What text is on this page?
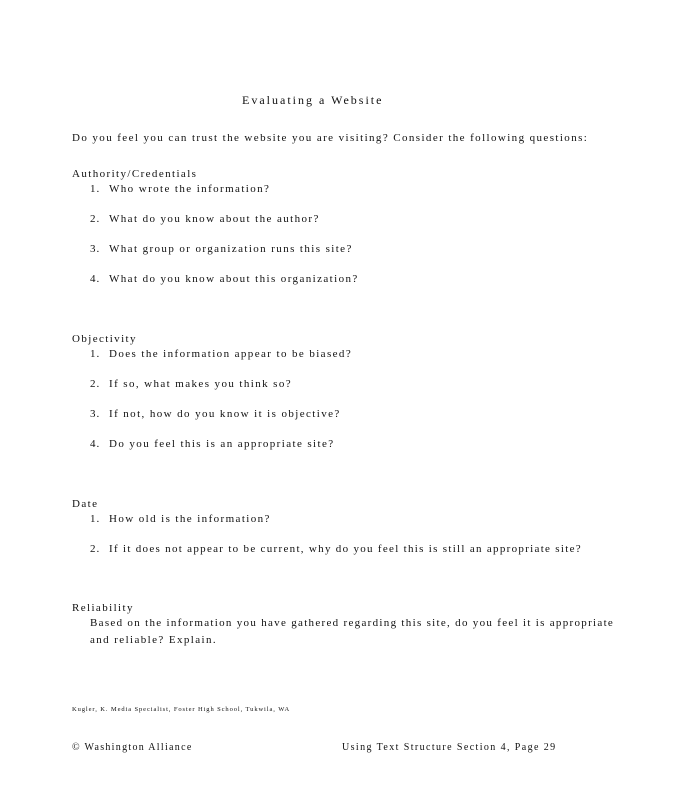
Evaluating a Website
Do you feel you can trust the website you are visiting? Consider the following questions:
Authority/Credentials
1. Who wrote the information?
2. What do you know about the author?
3. What group or organization runs this site?
4. What do you know about this organization?
Objectivity
1. Does the information appear to be biased?
2. If so, what makes you think so?
3. If not, how do you know it is objective?
4. Do you feel this is an appropriate site?
Date
1. How old is the information?
2. If it does not appear to be current, why do you feel this is still an appropriate site?
Reliability
Based on the information you have gathered regarding this site, do you feel it is appropriate
and reliable? Explain.
Kugler, K. Media Specialist, Foster High School, Tukwila, WA
© Washington Alliance	Using Text Structure Section 4, Page 29
